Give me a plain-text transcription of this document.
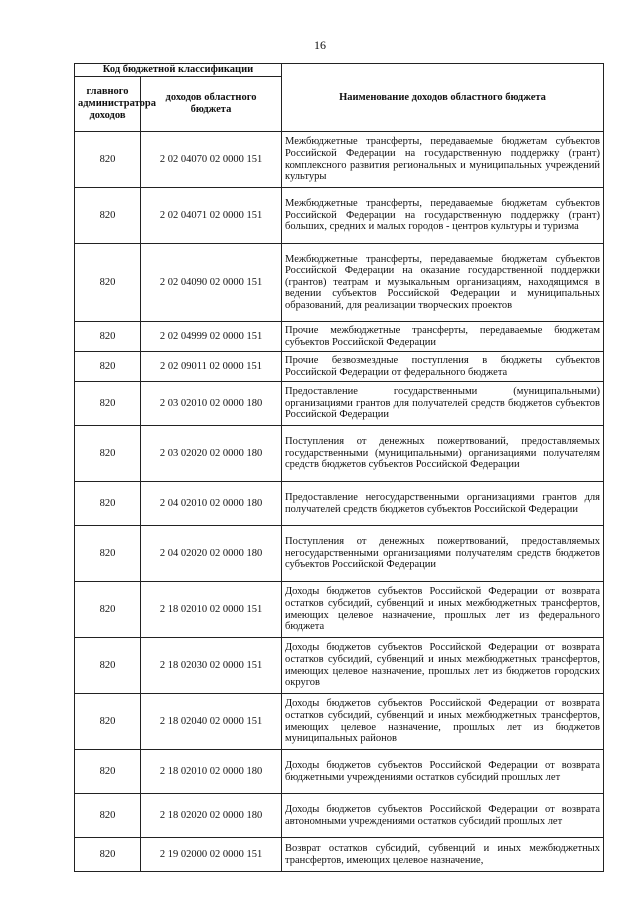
16
Код бюджетной классификации		Наименование доходов областного бюджета
главного администратора доходов	доходов областного бюджета	
820	2 02 04070 02 0000 151	Межбюджетные трансферты, передаваемые бюджетам субъектов Российской Федерации на государственную поддержку (грант) комплексного развития региональных и муниципальных учреждений культуры
820	2 02 04071 02 0000 151	Межбюджетные трансферты, передаваемые бюджетам субъектов Российской Федерации на государственную поддержку (грант) больших, средних и малых городов - центров культуры и туризма
820	2 02 04090 02 0000 151	Межбюджетные трансферты, передаваемые бюджетам субъектов Российской Федерации на оказание государственной поддержки (грантов) театрам и музыкальным организациям, находящимся в ведении субъектов Российской Федерации и муниципальных образований, для реализации творческих проектов
820	2 02 04999 02 0000 151	Прочие межбюджетные трансферты, передаваемые бюджетам субъектов Российской Федерации
820	2 02 09011 02 0000 151	Прочие безвозмездные поступления в бюджеты субъектов Российской Федерации от федерального бюджета
820	2 03 02010 02 0000 180	Предоставление государственными (муниципальными) организациями грантов для получателей средств бюджетов субъектов Российской Федерации
820	2 03 02020 02 0000 180	Поступления от денежных пожертвований, предоставляемых государственными (муниципальными) организациями получателям средств бюджетов субъектов Российской Федерации
820	2 04 02010 02 0000 180	Предоставление негосударственными организациями грантов для получателей средств бюджетов субъектов Российской Федерации
820	2 04 02020 02 0000 180	Поступления от денежных пожертвований, предоставляемых негосударственными организациями получателям средств бюджетов субъектов Российской Федерации
820	2 18 02010 02 0000 151	Доходы бюджетов субъектов Российской Федерации от возврата остатков субсидий, субвенций и иных межбюджетных трансфертов, имеющих целевое назначение, прошлых лет из федерального бюджета
820	2 18 02030 02 0000 151	Доходы бюджетов субъектов Российской Федерации от возврата остатков субсидий, субвенций и иных межбюджетных трансфертов, имеющих целевое назначение, прошлых лет из бюджетов городских округов
820	2 18 02040 02 0000 151	Доходы бюджетов субъектов Российской Федерации от возврата остатков субсидий, субвенций и иных межбюджетных трансфертов, имеющих целевое назначение, прошлых лет из бюджетов муниципальных районов
820	2 18 02010 02 0000 180	Доходы бюджетов субъектов Российской Федерации от возврата бюджетными учреждениями остатков субсидий прошлых лет
820	2 18 02020 02 0000 180	Доходы бюджетов субъектов Российской Федерации от возврата автономными учреждениями остатков субсидий прошлых лет
820	2 19 02000 02 0000 151	Возврат остатков субсидий, субвенций и иных межбюджетных трансфертов, имеющих целевое назначение,
